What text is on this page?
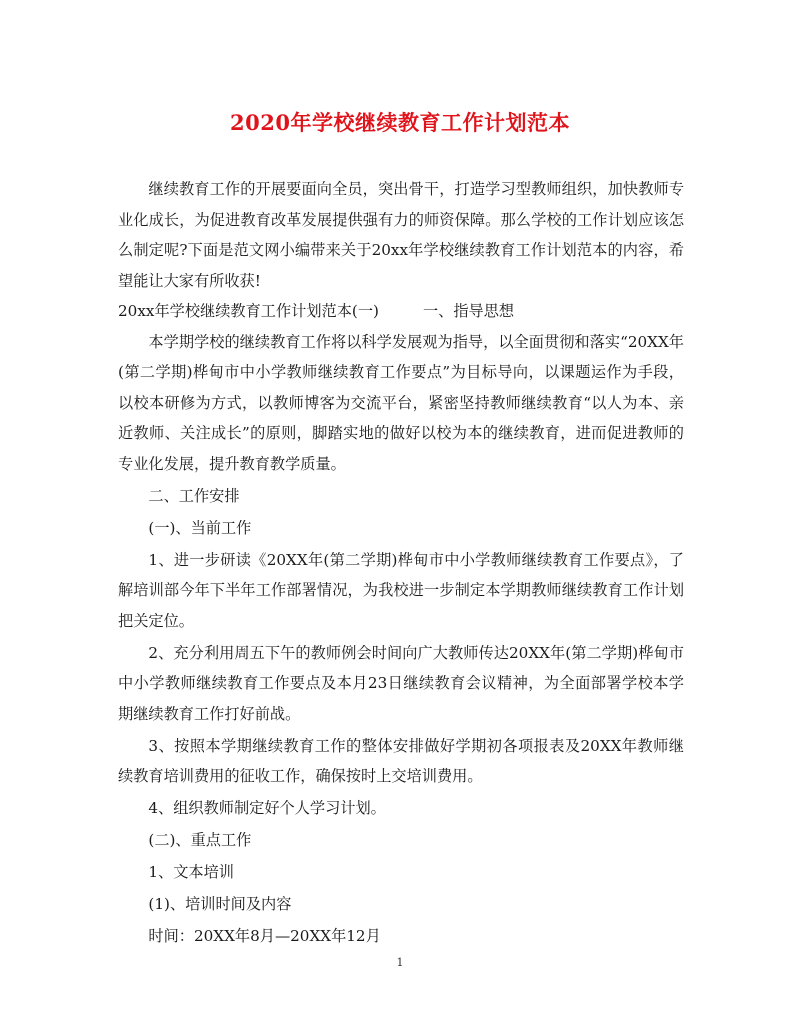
2020年学校继续教育工作计划范本

继续教育工作的开展要面向全员，突出骨干，打造学习型教师组织，加快教师专业化成长，为促进教育改革发展提供强有力的师资保障。那么学校的工作计划应该怎么制定呢?下面是范文网小编带来关于20xx年学校继续教育工作计划范本的内容，希望能让大家有所收获!

20xx年学校继续教育工作计划范本(一)	一、指导思想

本学期学校的继续教育工作将以科学发展观为指导，以全面贯彻和落实“20XX年(第二学期)桦甸市中小学教师继续教育工作要点”为目标导向，以课题运作为手段，以校本研修为方式，以教师博客为交流平台，紧密坚持教师继续教育“以人为本、亲近教师、关注成长”的原则，脚踏实地的做好以校为本的继续教育，进而促进教师的专业化发展，提升教育教学质量。

二、工作安排

(一)、当前工作

1、进一步研读《20XX年(第二学期)桦甸市中小学教师继续教育工作要点》，了解培训部今年下半年工作部署情况，为我校进一步制定本学期教师继续教育工作计划把关定位。

2、充分利用周五下午的教师例会时间向广大教师传达20XX年(第二学期)桦甸市中小学教师继续教育工作要点及本月23日继续教育会议精神，为全面部署学校本学期继续教育工作打好前战。

3、按照本学期继续教育工作的整体安排做好学期初各项报表及20XX年教师继续教育培训费用的征收工作，确保按时上交培训费用。

4、组织教师制定好个人学习计划。

(二)、重点工作

1、文本培训

(1)、培训时间及内容

时间：20XX年8月—20XX年12月

1
